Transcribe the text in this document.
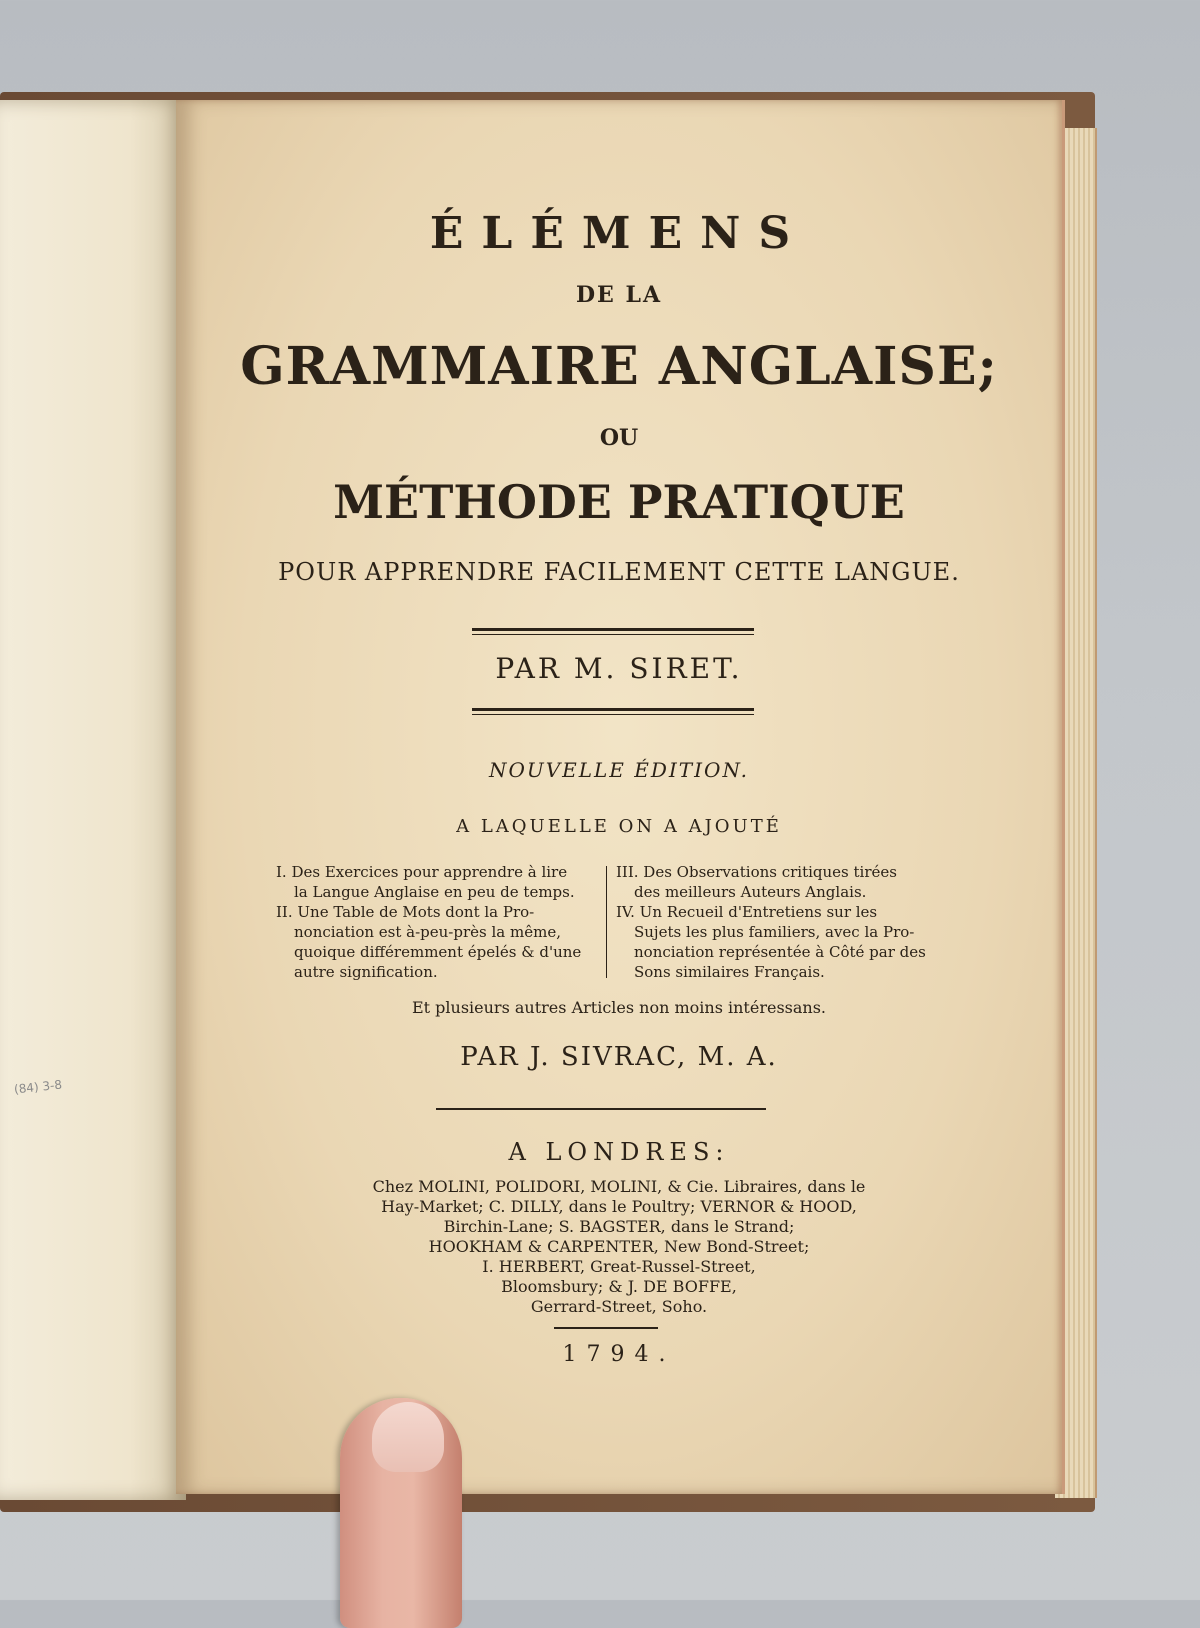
(84) 3-8
ÉLÉMENS
DE LA
GRAMMAIRE ANGLAISE;
OU
MÉTHODE PRATIQUE
POUR APPRENDRE FACILEMENT CETTE LANGUE.
PAR M. SIRET.
NOUVELLE ÉDITION.
A LAQUELLE ON A AJOUTÉ
I. Des Exercices pour apprendre à lire
la Langue Anglaise en peu de temps.
II. Une Table de Mots dont la Pro-
nonciation est à-peu-près la même,
quoique différemment épelés & d'une
autre signification.
III. Des Observations critiques tirées
des meilleurs Auteurs Anglais.
IV. Un Recueil d'Entretiens sur les
Sujets les plus familiers, avec la Pro-
nonciation représentée à Côté par des
Sons similaires Français.
Et plusieurs autres Articles non moins intéressans.
PAR J. SIVRAC, M. A.
A LONDRES:
Chez MOLINI, POLIDORI, MOLINI, & Cie. Libraires, dans le
Hay-Market; C. DILLY, dans le Poultry; VERNOR & HOOD,
Birchin-Lane; S. BAGSTER, dans le Strand;
HOOKHAM & CARPENTER, New Bond-Street;
I. HERBERT, Great-Russel-Street,
Bloomsbury; & J. DE BOFFE,
Gerrard-Street, Soho.
1794.
